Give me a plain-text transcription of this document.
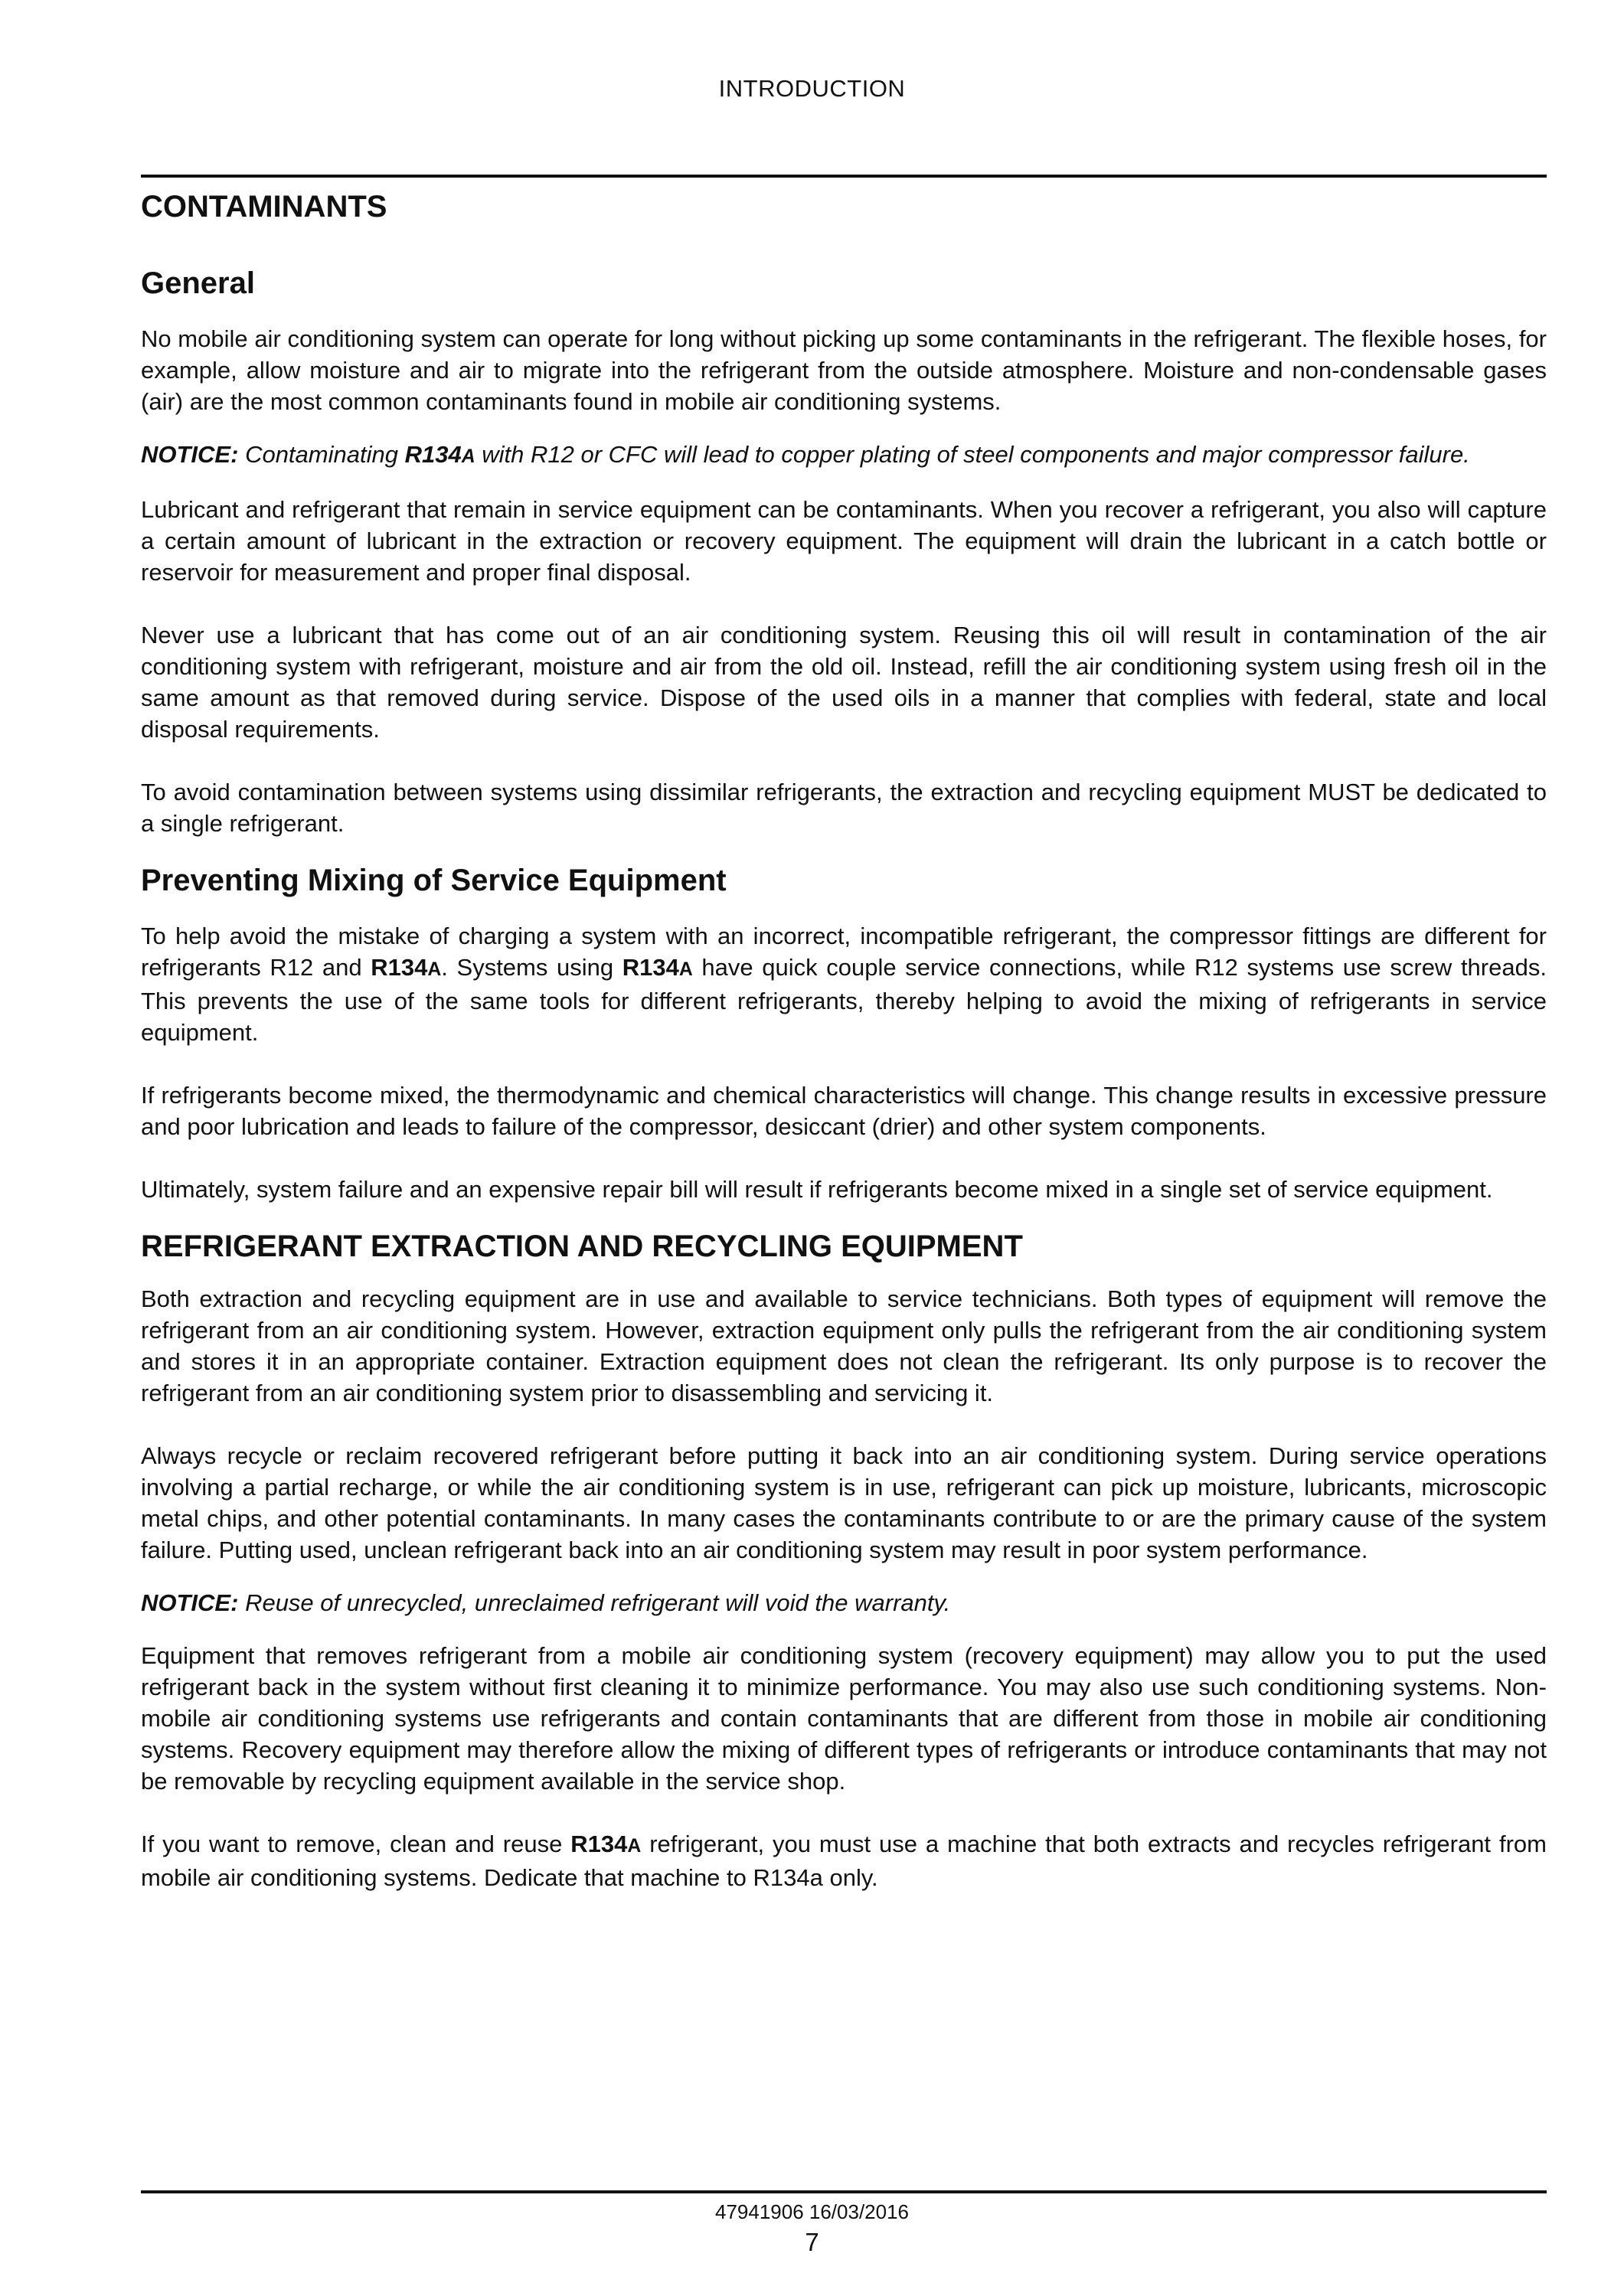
INTRODUCTION
CONTAMINANTS
General

No mobile air conditioning system can operate for long without picking up some contaminants in the refrigerant. The flexible hoses, for example, allow moisture and air to migrate into the refrigerant from the outside atmosphere. Moisture and non-condensable gases (air) are the most common contaminants found in mobile air conditioning systems.

NOTICE: Contaminating R134A with R12 or CFC will lead to copper plating of steel components and major compressor failure.

Lubricant and refrigerant that remain in service equipment can be contaminants. When you recover a refrigerant, you also will capture a certain amount of lubricant in the extraction or recovery equipment. The equipment will drain the lubricant in a catch bottle or reservoir for measurement and proper final disposal.

Never use a lubricant that has come out of an air conditioning system. Reusing this oil will result in contamination of the air conditioning system with refrigerant, moisture and air from the old oil. Instead, refill the air conditioning system using fresh oil in the same amount as that removed during service. Dispose of the used oils in a manner that complies with federal, state and local disposal requirements.

To avoid contamination between systems using dissimilar refrigerants, the extraction and recycling equipment MUST be dedicated to a single refrigerant.

Preventing Mixing of Service Equipment

To help avoid the mistake of charging a system with an incorrect, incompatible refrigerant, the compressor fittings are different for refrigerants R12 and R134A. Systems using R134A have quick couple service connections, while R12 systems use screw threads. This prevents the use of the same tools for different refrigerants, thereby helping to avoid the mixing of refrigerants in service equipment.

If refrigerants become mixed, the thermodynamic and chemical characteristics will change. This change results in excessive pressure and poor lubrication and leads to failure of the compressor, desiccant (drier) and other system components.

Ultimately, system failure and an expensive repair bill will result if refrigerants become mixed in a single set of service equipment.

REFRIGERANT EXTRACTION AND RECYCLING EQUIPMENT

Both extraction and recycling equipment are in use and available to service technicians. Both types of equipment will remove the refrigerant from an air conditioning system. However, extraction equipment only pulls the refrigerant from the air conditioning system and stores it in an appropriate container. Extraction equipment does not clean the refrigerant. Its only purpose is to recover the refrigerant from an air conditioning system prior to disassembling and servicing it.

Always recycle or reclaim recovered refrigerant before putting it back into an air conditioning system. During service operations involving a partial recharge, or while the air conditioning system is in use, refrigerant can pick up moisture, lubricants, microscopic metal chips, and other potential contaminants. In many cases the contaminants contribute to or are the primary cause of the system failure. Putting used, unclean refrigerant back into an air conditioning system may result in poor system performance.

NOTICE: Reuse of unrecycled, unreclaimed refrigerant will void the warranty.

Equipment that removes refrigerant from a mobile air conditioning system (recovery equipment) may allow you to put the used refrigerant back in the system without first cleaning it to minimize performance. You may also use such conditioning systems. Non-mobile air conditioning systems use refrigerants and contain contaminants that are different from those in mobile air conditioning systems. Recovery equipment may therefore allow the mixing of different types of refrigerants or introduce contaminants that may not be removable by recycling equipment available in the service shop.

If you want to remove, clean and reuse R134A refrigerant, you must use a machine that both extracts and recycles refrigerant from mobile air conditioning systems. Dedicate that machine to R134a only.

47941906 16/03/2016
7
